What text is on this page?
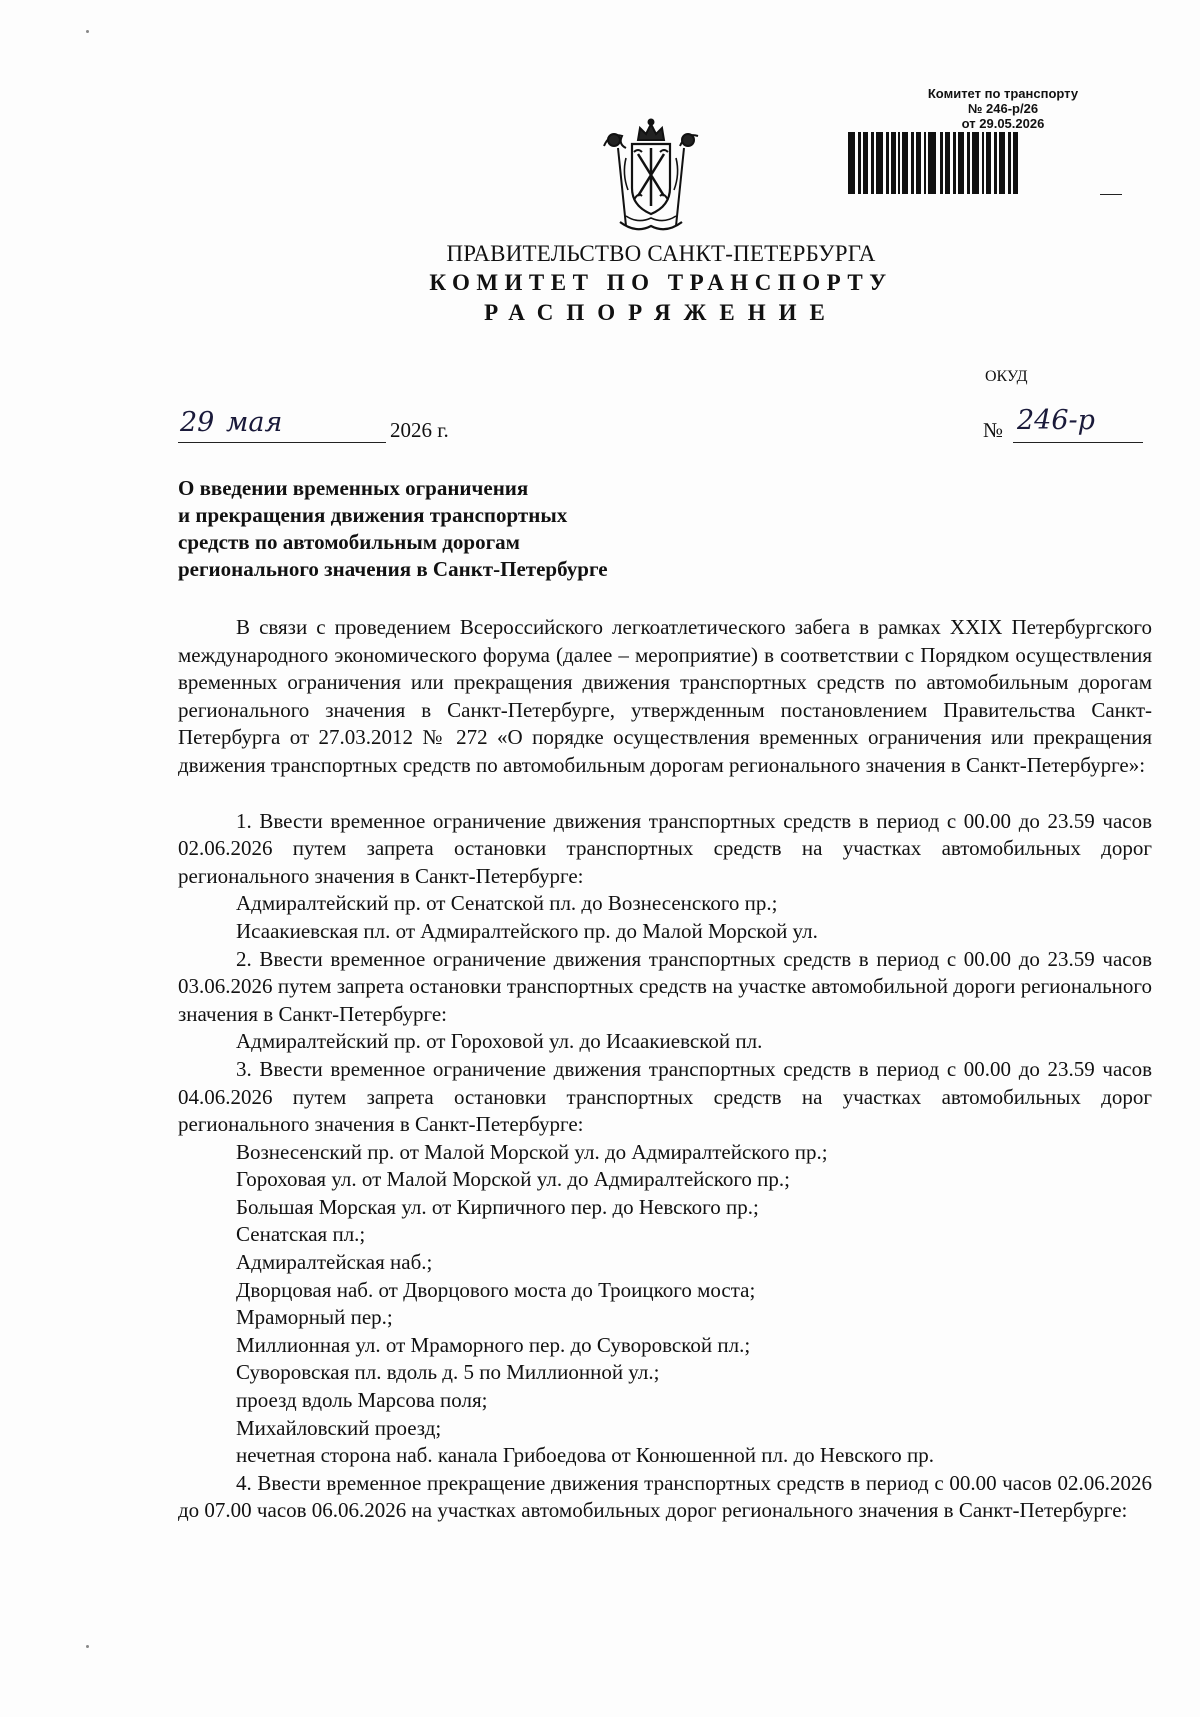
Комитет по транспорту
№ 246-р/26
от 29.05.2026
ПРАВИТЕЛЬСТВО САНКТ-ПЕТЕРБУРГА
КОМИТЕТ ПО ТРАНСПОРТУ
РАСПОРЯЖЕНИЕ
ОКУД
29 мая	2026 г.	№ 246-р
О введении временных ограничения
и прекращения движения транспортных
средств по автомобильным дорогам
регионального значения в Санкт-Петербурге

В связи с проведением Всероссийского легкоатлетического забега в рамках XXIX Петербургского международного экономического форума (далее – мероприятие) в соответствии с Порядком осуществления временных ограничения или прекращения движения транспортных средств по автомобильным дорогам регионального значения в Санкт-Петербурге, утвержденным постановлением Правительства Санкт-Петербурга от 27.03.2012 № 272 «О порядке осуществления временных ограничения или прекращения движения транспортных средств по автомобильным дорогам регионального значения в Санкт-Петербурге»:

1. Ввести временное ограничение движения транспортных средств в период с 00.00 до 23.59 часов 02.06.2026 путем запрета остановки транспортных средств на участках автомобильных дорог регионального значения в Санкт-Петербурге:

Адмиралтейский пр. от Сенатской пл. до Вознесенского пр.;
Исаакиевская пл. от Адмиралтейского пр. до Малой Морской ул.

2. Ввести временное ограничение движения транспортных средств в период с 00.00 до 23.59 часов 03.06.2026 путем запрета остановки транспортных средств на участке автомобильной дороги регионального значения в Санкт-Петербурге:

Адмиралтейский пр. от Гороховой ул. до Исаакиевской пл.

3. Ввести временное ограничение движения транспортных средств в период с 00.00 до 23.59 часов 04.06.2026 путем запрета остановки транспортных средств на участках автомобильных дорог регионального значения в Санкт-Петербурге:

Вознесенский пр. от Малой Морской ул. до Адмиралтейского пр.;
Гороховая ул. от Малой Морской ул. до Адмиралтейского пр.;
Большая Морская ул. от Кирпичного пер. до Невского пр.;
Сенатская пл.;
Адмиралтейская наб.;
Дворцовая наб. от Дворцового моста до Троицкого моста;
Мраморный пер.;
Миллионная ул. от Мраморного пер. до Суворовской пл.;
Суворовская пл. вдоль д. 5 по Миллионной ул.;
проезд вдоль Марсова поля;
Михайловский проезд;
нечетная сторона наб. канала Грибоедова от Конюшенной пл. до Невского пр.

4. Ввести временное прекращение движения транспортных средств в период с 00.00 часов 02.06.2026 до 07.00 часов 06.06.2026 на участках автомобильных дорог регионального значения в Санкт-Петербурге:
